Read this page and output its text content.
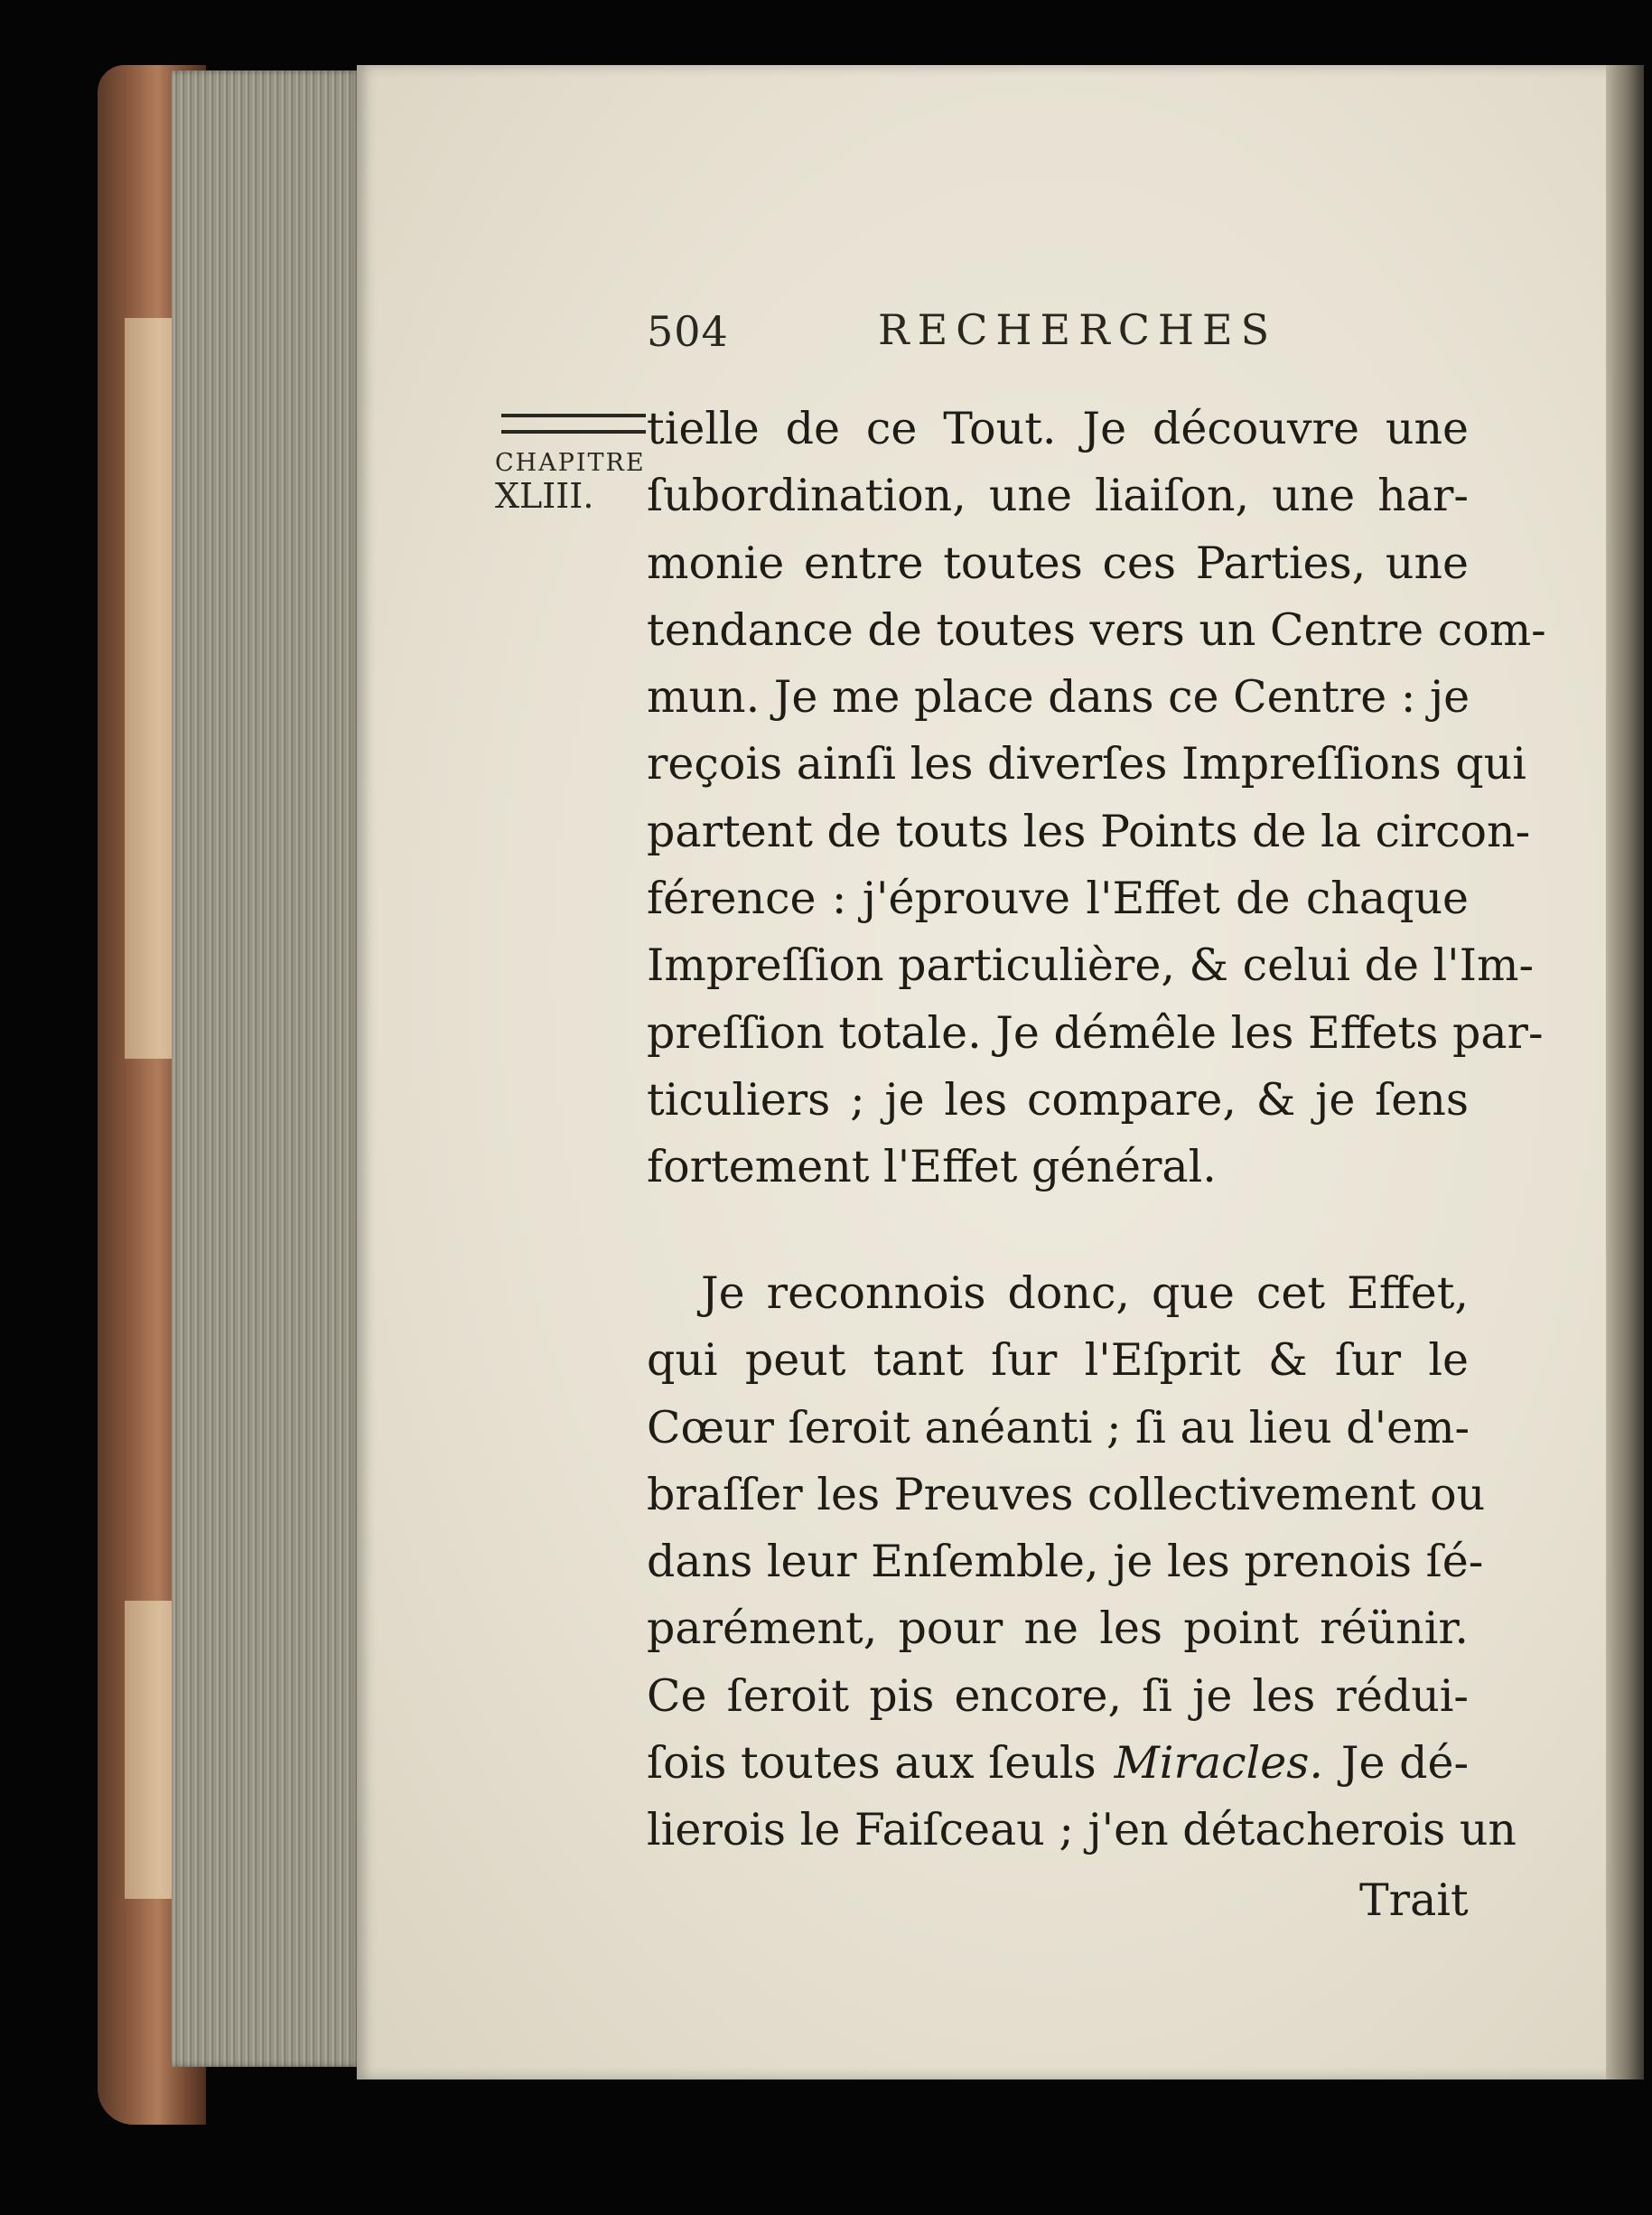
504	RECHERCHES
CHAPITRE
XLIII.
tielle de ce Tout. Je découvre une
ſubordination, une liaiſon, une har-
monie entre toutes ces Parties, une
tendance de toutes vers un Centre com-
mun. Je me place dans ce Centre : je
reçois ainſi les diverſes Impreſſions qui
partent de touts les Points de la circon-
férence : j'éprouve l'Effet de chaque
Impreſſion particulière, & celui de l'Im-
preſſion totale. Je démêle les Effets par-
ticuliers ; je les compare, & je ſens
fortement l'Effet général.
Je reconnois donc, que cet Effet,
qui peut tant ſur l'Eſprit & ſur le
Cœur ſeroit anéanti ; ſi au lieu d'em-
braſſer les Preuves collectivement ou
dans leur Enſemble, je les prenois ſé-
parément, pour ne les point réünir.
Ce ſeroit pis encore, ſi je les rédui-
ſois toutes aux ſeuls Miracles. Je dé-
lierois le Faiſceau ; j'en détacherois un
Trait
